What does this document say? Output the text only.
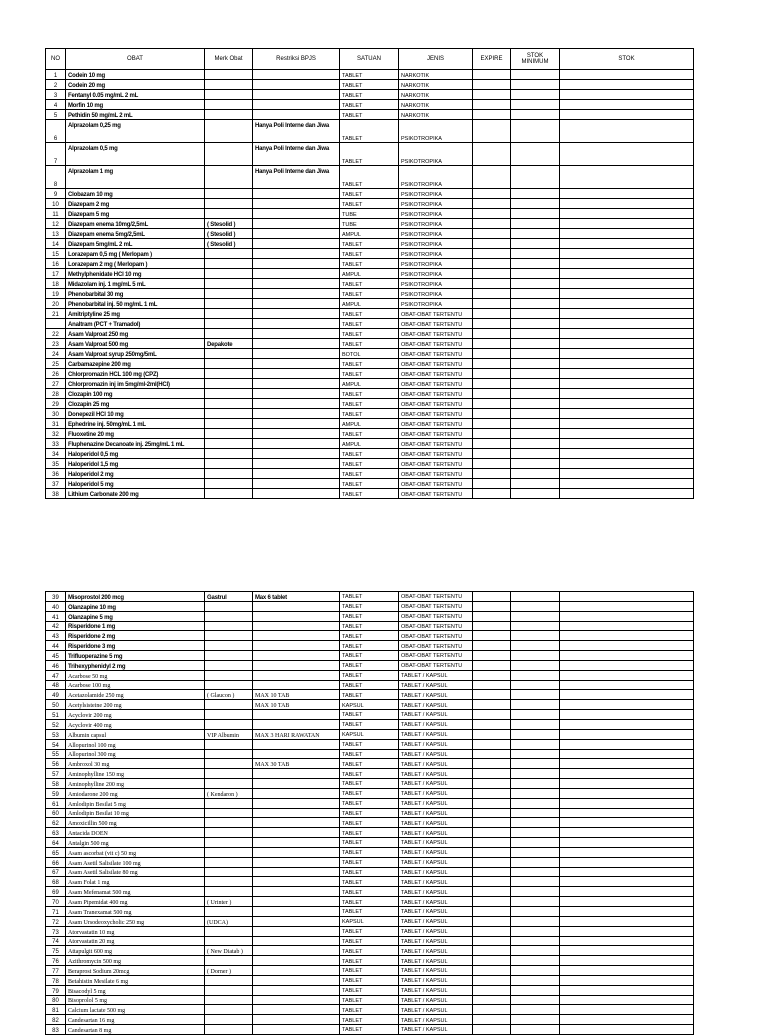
NO	OBAT	Merk Obat	Restriksi BPJS	SATUAN	JENIS	EXPIRE	STOK MINIMUM	STOK
1	Codein 10 mg			TABLET	NARKOTIK			
2	Codein 20 mg			TABLET	NARKOTIK			
3	Fentanyl 0.05 mg/mL 2 mL			TABLET	NARKOTIK			
4	Morfin 10 mg			TABLET	NARKOTIK			
5	Pethidin 50 mg/mL 2 mL			TABLET	NARKOTIK			
6	Alprazolam 0,25 mg		Hanya Poli Interne dan Jiwa	TABLET	PSIKOTROPIKA			
7	Alprazolam 0,5 mg		Hanya Poli Interne dan Jiwa	TABLET	PSIKOTROPIKA			
8	Alprazolam 1 mg		Hanya Poli Interne dan Jiwa	TABLET	PSIKOTROPIKA			
9	Clobazam 10 mg			TABLET	PSIKOTROPIKA			
10	Diazepam 2 mg			TABLET	PSIKOTROPIKA			
11	Diazepam 5 mg			TUBE	PSIKOTROPIKA			
12	Diazepam enema 10mg/2,5mL	( Stesolid )		TUBE	PSIKOTROPIKA			
13	Diazepam enema 5mg/2,5mL	( Stesolid )		AMPUL	PSIKOTROPIKA			
14	Diazepam 5mg/mL 2 mL	( Stesolid )		TABLET	PSIKOTROPIKA			
15	Lorazepam 0,5 mg ( Merlopam )			TABLET	PSIKOTROPIKA			
16	Lorazepam 2 mg ( Merlopam )			TABLET	PSIKOTROPIKA			
17	Methylphenidate HCl 10 mg			AMPUL	PSIKOTROPIKA			
18	Midazolam inj. 1 mg/mL 5 mL			TABLET	PSIKOTROPIKA			
19	Phenobarbital 30 mg			TABLET	PSIKOTROPIKA			
20	Phenobarbital inj. 50 mg/mL 1 mL			AMPUL	PSIKOTROPIKA			
21	Amitriptyline 25 mg			TABLET	OBAT-OBAT TERTENTU			
	Analtram (PCT + Tramadol)			TABLET	OBAT-OBAT TERTENTU			
22	Asam Valproat 250 mg			TABLET	OBAT-OBAT TERTENTU			
23	Asam Valproat 500 mg	Depakote		TABLET	OBAT-OBAT TERTENTU			
24	Asam Valproat syrup 250mg/5mL			BOTOL	OBAT-OBAT TERTENTU			
25	Carbamazepine 200 mg			TABLET	OBAT-OBAT TERTENTU			
26	Chlorpromazin HCL 100 mg (CPZ)			TABLET	OBAT-OBAT TERTENTU			
27	Chlorpromazin inj im 5mg/ml-2ml(HCl)			AMPUL	OBAT-OBAT TERTENTU			
28	Clozapin 100 mg			TABLET	OBAT-OBAT TERTENTU			
29	Clozapin 25 mg			TABLET	OBAT-OBAT TERTENTU			
30	Donepezil HCl 10 mg			TABLET	OBAT-OBAT TERTENTU			
31	Ephedrine inj. 50mg/mL 1 mL			AMPUL	OBAT-OBAT TERTENTU			
32	Fluoxetine 20 mg			TABLET	OBAT-OBAT TERTENTU			
33	Fluphenazine Decanoate inj. 25mg/mL 1 mL			AMPUL	OBAT-OBAT TERTENTU			
34	Haloperidol 0,5 mg			TABLET	OBAT-OBAT TERTENTU			
35	Haloperidol 1,5 mg			TABLET	OBAT-OBAT TERTENTU			
36	Haloperidol 2 mg			TABLET	OBAT-OBAT TERTENTU			
37	Haloperidol 5 mg			TABLET	OBAT-OBAT TERTENTU			
38	Lithium Carbonate 200 mg			TABLET	OBAT-OBAT TERTENTU			
39	Misoprostol 200 mcg	Gastrul	Max 6 tablet	TABLET	OBAT-OBAT TERTENTU			
40	Olanzapine 10 mg			TABLET	OBAT-OBAT TERTENTU			
41	Olanzapine 5 mg			TABLET	OBAT-OBAT TERTENTU			
42	Risperidone 1 mg			TABLET	OBAT-OBAT TERTENTU			
43	Risperidone 2 mg			TABLET	OBAT-OBAT TERTENTU			
44	Risperidone 3 mg			TABLET	OBAT-OBAT TERTENTU			
45	Trifluoperazine 5 mg			TABLET	OBAT-OBAT TERTENTU			
46	Trihexyphenidyl 2 mg			TABLET	OBAT-OBAT TERTENTU			
47	Acarbose 50 mg			TABLET	TABLET / KAPSUL			
48	Acarbose 100 mg			TABLET	TABLET / KAPSUL			
49	Acetazolamide 250 mg	( Glaucon )	MAX 10 TAB	TABLET	TABLET / KAPSUL			
50	Acetylsisteine 200 mg		MAX 10 TAB	KAPSUL	TABLET / KAPSUL			
51	Acyclovir 200 mg			TABLET	TABLET / KAPSUL			
52	Acyclovir 400 mg			TABLET	TABLET / KAPSUL			
53	Albumin capsul	VIP Albumin	MAX 3 HARI RAWATAN	KAPSUL	TABLET / KAPSUL			
54	Allopurinol 100 mg			TABLET	TABLET / KAPSUL			
55	Allopurinol 300 mg			TABLET	TABLET / KAPSUL			
56	Ambroxol 30 mg		MAX 30 TAB	TABLET	TABLET / KAPSUL			
57	Aminophylline 150 mg			TABLET	TABLET / KAPSUL			
58	Aminophylline 200 mg			TABLET	TABLET / KAPSUL			
59	Amiodarone 200 mg	( Kendaron )		TABLET	TABLET / KAPSUL			
61	Amlodipin Besilat 5 mg			TABLET	TABLET / KAPSUL			
60	Amlodipin Besilat 10 mg			TABLET	TABLET / KAPSUL			
62	Amoxicillin 500 mg			TABLET	TABLET / KAPSUL			
63	Antacida DOEN			TABLET	TABLET / KAPSUL			
64	Antalgin 500 mg			TABLET	TABLET / KAPSUL			
65	Asam ascorbat (vit c) 50 mg			TABLET	TABLET / KAPSUL			
66	Asam Asetil Salisilate 100 mg			TABLET	TABLET / KAPSUL			
67	Asam Asetil Salisilate 80 mg			TABLET	TABLET / KAPSUL			
68	Asam Folat 1 mg			TABLET	TABLET / KAPSUL			
69	Asam Mefenamat 500 mg			TABLET	TABLET / KAPSUL			
70	Asam Pipemidat 400 mg	( Urinter )		TABLET	TABLET / KAPSUL			
71	Asam Tranexamat 500 mg			TABLET	TABLET / KAPSUL			
72	Asam Ursodeoxycholic 250 mg	(UDCA)		KAPSUL	TABLET / KAPSUL			
73	Atorvastatin 10 mg			TABLET	TABLET / KAPSUL			
74	Atorvastatin 20 mg			TABLET	TABLET / KAPSUL			
75	Attapulgit 600 mg	( New Diatab )		TABLET	TABLET / KAPSUL			
76	Azithromycin 500 mg			TABLET	TABLET / KAPSUL			
77	Beraprost Sodium 20mcg	( Dorner )		TABLET	TABLET / KAPSUL			
78	Betahistin Mesilate 6 mg			TABLET	TABLET / KAPSUL			
79	Bisacodyl 5 mg			TABLET	TABLET / KAPSUL			
80	Bisoprolol 5 mg			TABLET	TABLET / KAPSUL			
81	Calcium lactate 500 mg			TABLET	TABLET / KAPSUL			
82	Candesartan 16 mg			TABLET	TABLET / KAPSUL			
83	Candesartan 8 mg			TABLET	TABLET / KAPSUL			
